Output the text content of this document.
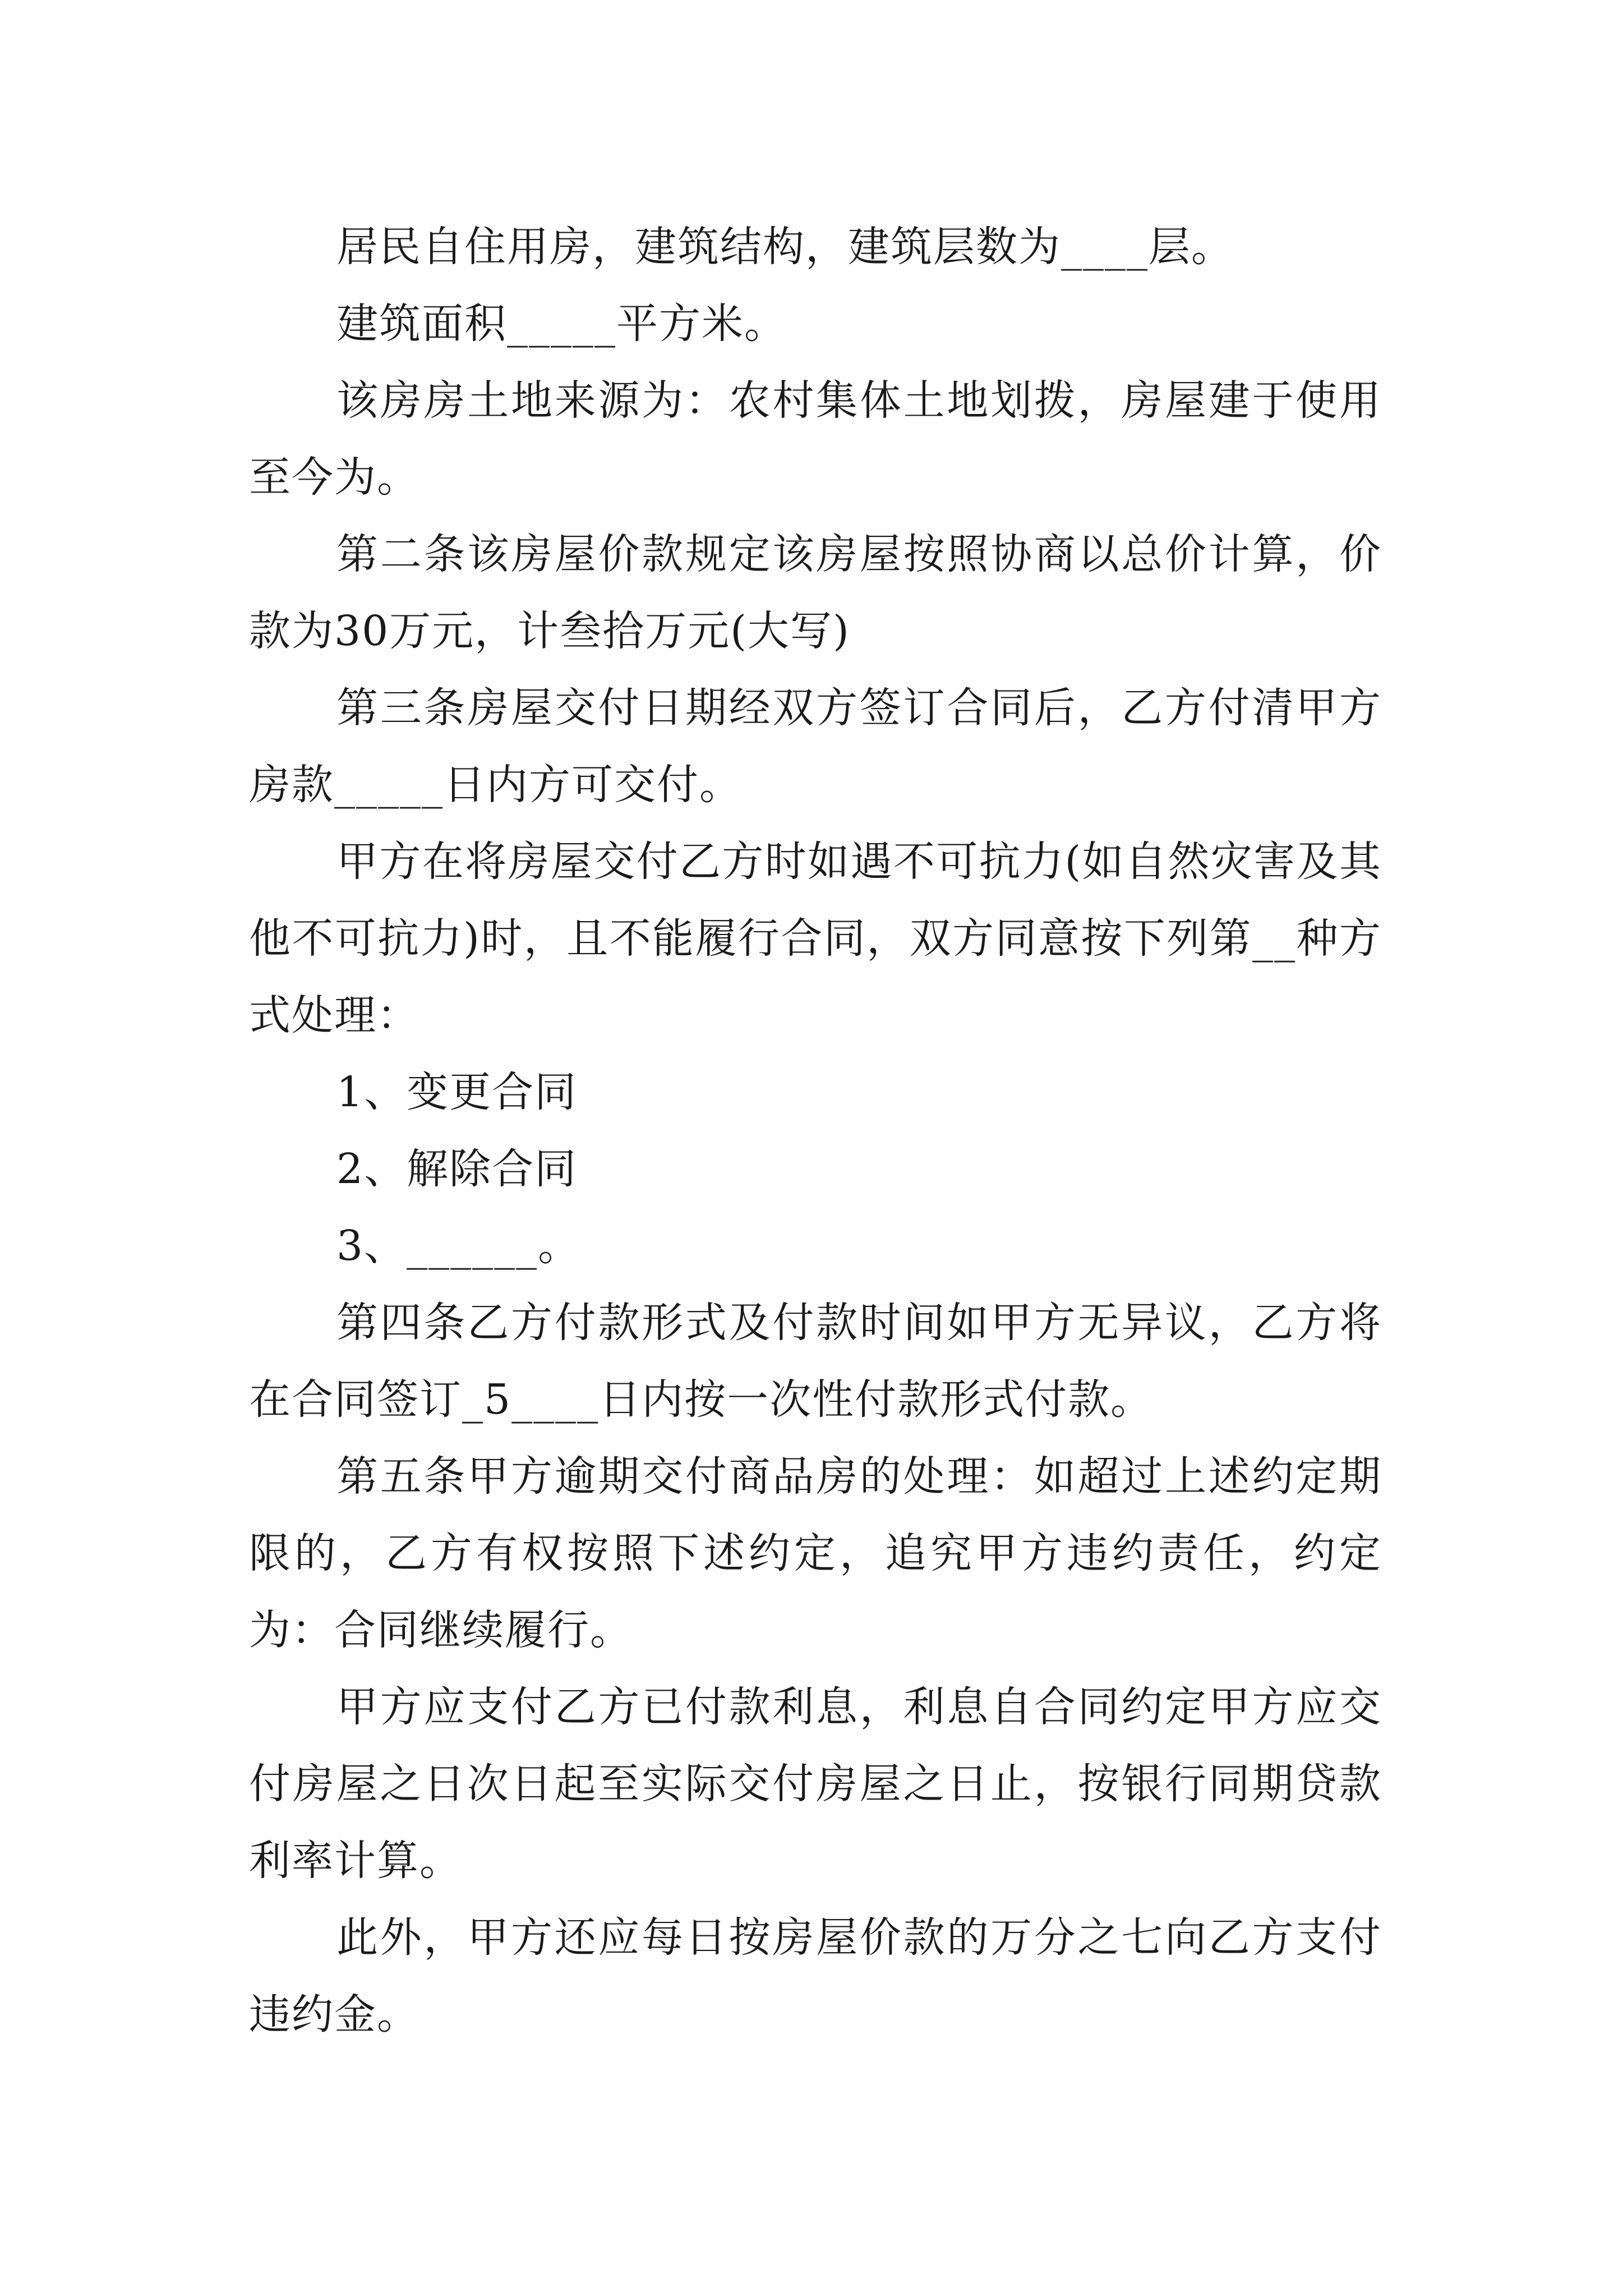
居民自住用房，建筑结构，建筑层数为____层。

建筑面积_____平方米。

该房房土地来源为：农村集体土地划拨，房屋建于使用至今为。

第二条该房屋价款规定该房屋按照协商以总价计算，价款为30万元，计叁拾万元(大写)

第三条房屋交付日期经双方签订合同后，乙方付清甲方房款_____日内方可交付。

甲方在将房屋交付乙方时如遇不可抗力(如自然灾害及其他不可抗力)时，且不能履行合同，双方同意按下列第__种方式处理：

1、变更合同

2、解除合同

3、______。

第四条乙方付款形式及付款时间如甲方无异议，乙方将在合同签订_5____日内按一次性付款形式付款。

第五条甲方逾期交付商品房的处理：如超过上述约定期限的，乙方有权按照下述约定，追究甲方违约责任，约定为：合同继续履行。

甲方应支付乙方已付款利息，利息自合同约定甲方应交付房屋之日次日起至实际交付房屋之日止，按银行同期贷款利率计算。

此外，甲方还应每日按房屋价款的万分之七向乙方支付违约金。
